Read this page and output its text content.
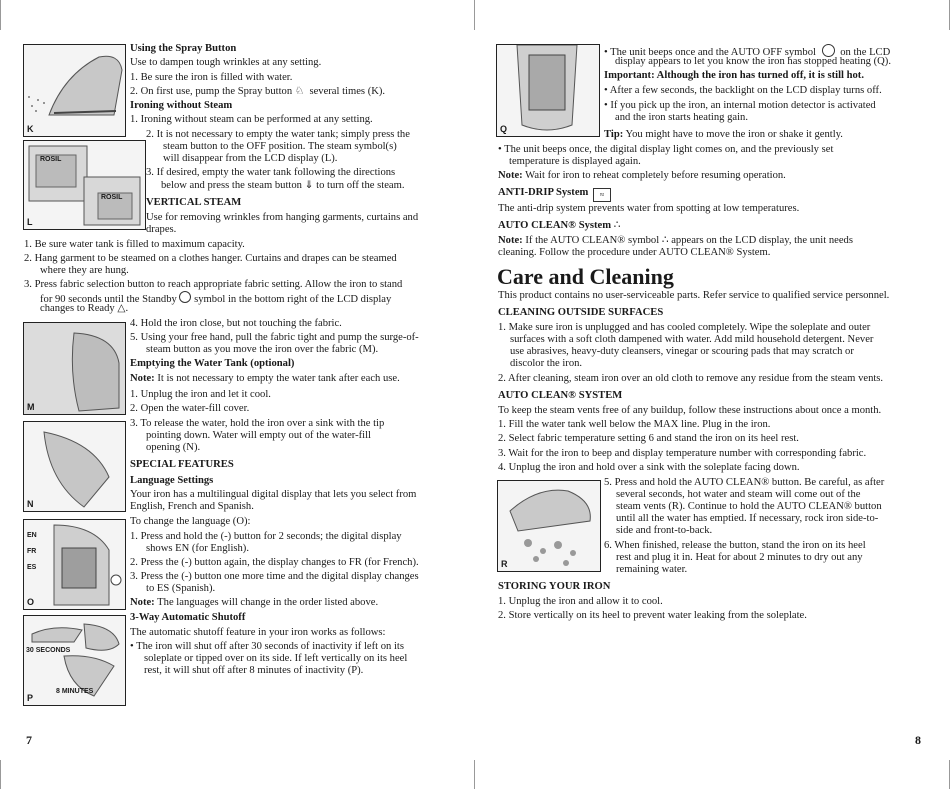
K
ROSIL
ROSIL
L
M
N
EN
FR
ES
O
30 SECONDS
8 MINUTES
P
Using the Spray Button
Use to dampen tough wrinkles at any setting.
1. Be sure the iron is filled with water.
2. On first use, pump the Spray button ♘ several times (K).
Ironing without Steam
1. Ironing without steam can be performed at any setting.
2. It is not necessary to empty the water tank; simply press the
steam button to the OFF position. The steam symbol(s)
will disappear from the LCD display (L).
3. If desired, empty the water tank following the directions
below and press the steam button ⇓ to turn off the steam.
VERTICAL STEAM
Use for removing wrinkles from hanging garments, curtains and
drapes.
1. Be sure water tank is filled to maximum capacity.
2. Hang garment to be steamed on a clothes hanger. Curtains and drapes can be steamed
where they are hung.
3. Press fabric selection button to reach appropriate fabric setting. Allow the iron to stand
for 90 seconds until the Standby symbol in the bottom right of the LCD display
changes to Ready △.
4. Hold the iron close, but not touching the fabric.
5. Using your free hand, pull the fabric tight and pump the surge-of-
steam button as you move the iron over the fabric (M).
Emptying the Water Tank (optional)
Note: It is not necessary to empty the water tank after each use.
1. Unplug the iron and let it cool.
2. Open the water-fill cover.
3. To release the water, hold the iron over a sink with the tip
pointing down. Water will empty out of the water-fill
opening (N).
SPECIAL FEATURES
Language Settings
Your iron has a multilingual digital display that lets you select from
English, French and Spanish.
To change the language (O):
1. Press and hold the (-) button for 2 seconds; the digital display
shows EN (for English).
2. Press the (-) button again, the display changes to FR (for French).
3. Press the (-) button one more time and the digital display changes
to ES (Spanish).
Note: The languages will change in the order listed above.
3-Way Automatic Shutoff
The automatic shutoff feature in your iron works as follows:
• The iron will shut off after 30 seconds of inactivity if left on its
soleplate or tipped over on its side. If left vertically on its heel
rest, it will shut off after 8 minutes of inactivity (P).
7
Q
• The unit beeps once and the AUTO OFF symbol on the LCD
display appears to let you know the iron has stopped heating (Q).
Important: Although the iron has turned off, it is still hot.
• After a few seconds, the backlight on the LCD display turns off.
• If you pick up the iron, an internal motion detector is activated
and the iron starts heating gain.
Tip: You might have to move the iron or shake it gently.
• The unit beeps once, the digital display light comes on, and the previously set
temperature is displayed again.
Note: Wait for iron to reheat completely before resuming operation.
ANTI-DRIP System ≈
The anti-drip system prevents water from spotting at low temperatures.
AUTO CLEAN® System ∴
Note: If the AUTO CLEAN® symbol ∴ appears on the LCD display, the unit needs
cleaning. Follow the procedure under AUTO CLEAN® System.
Care and Cleaning
This product contains no user-serviceable parts. Refer service to qualified service personnel.
CLEANING OUTSIDE SURFACES
1. Make sure iron is unplugged and has cooled completely. Wipe the soleplate and outer
surfaces with a soft cloth dampened with water. Add mild household detergent. Never
use abrasives, heavy-duty cleansers, vinegar or scouring pads that may scratch or
discolor the iron.
2. After cleaning, steam iron over an old cloth to remove any residue from the steam vents.
AUTO CLEAN® SYSTEM
To keep the steam vents free of any buildup, follow these instructions about once a month.
1. Fill the water tank well below the MAX line. Plug in the iron.
2. Select fabric temperature setting 6 and stand the iron on its heel rest.
3. Wait for the iron to beep and display temperature number with corresponding fabric.
4. Unplug the iron and hold over a sink with the soleplate facing down.
R
5. Press and hold the AUTO CLEAN® button. Be careful, as after
several seconds, hot water and steam will come out of the
steam vents (R). Continue to hold the AUTO CLEAN® button
until all the water has emptied. If necessary, rock iron side-to-
side and front-to-back.
6. When finished, release the button, stand the iron on its heel
rest and plug it in. Heat for about 2 minutes to dry out any
remaining water.
STORING YOUR IRON
1. Unplug the iron and allow it to cool.
2. Store vertically on its heel to prevent water leaking from the soleplate.
8
